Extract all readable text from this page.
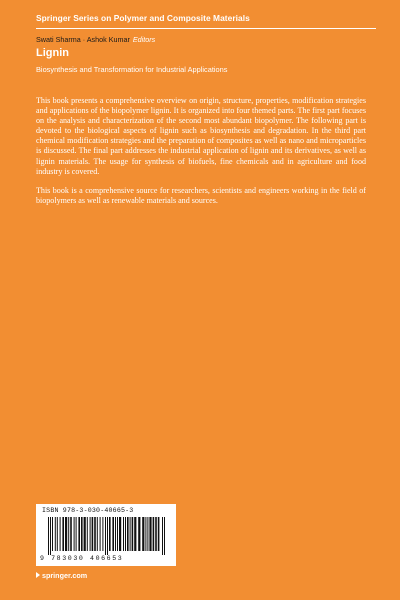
Springer Series on Polymer and Composite Materials
Swati Sharma · Ashok Kumar Editors
Lignin
Biosynthesis and Transformation for Industrial Applications

This book presents a comprehensive overview on origin, structure, properties, modification strategies and applications of the biopolymer lignin. It is organized into four themed parts. The first part focuses on the analysis and characterization of the second most abundant biopolymer. The following part is devoted to the biological aspects of lignin such as biosynthesis and degradation. In the third part chemical modification strategies and the preparation of composites as well as nano and microparticles is discussed. The final part addresses the industrial application of lignin and its derivatives, as well as lignin materials. The usage for synthesis of biofuels, fine chemicals and in agriculture and food industry is covered.

This book is a comprehensive source for researchers, scientists and engineers working in the field of biopolymers as well as renewable materials and sources.

ISBN 978-3-030-40665-3
9 783030 406653
springer.com
